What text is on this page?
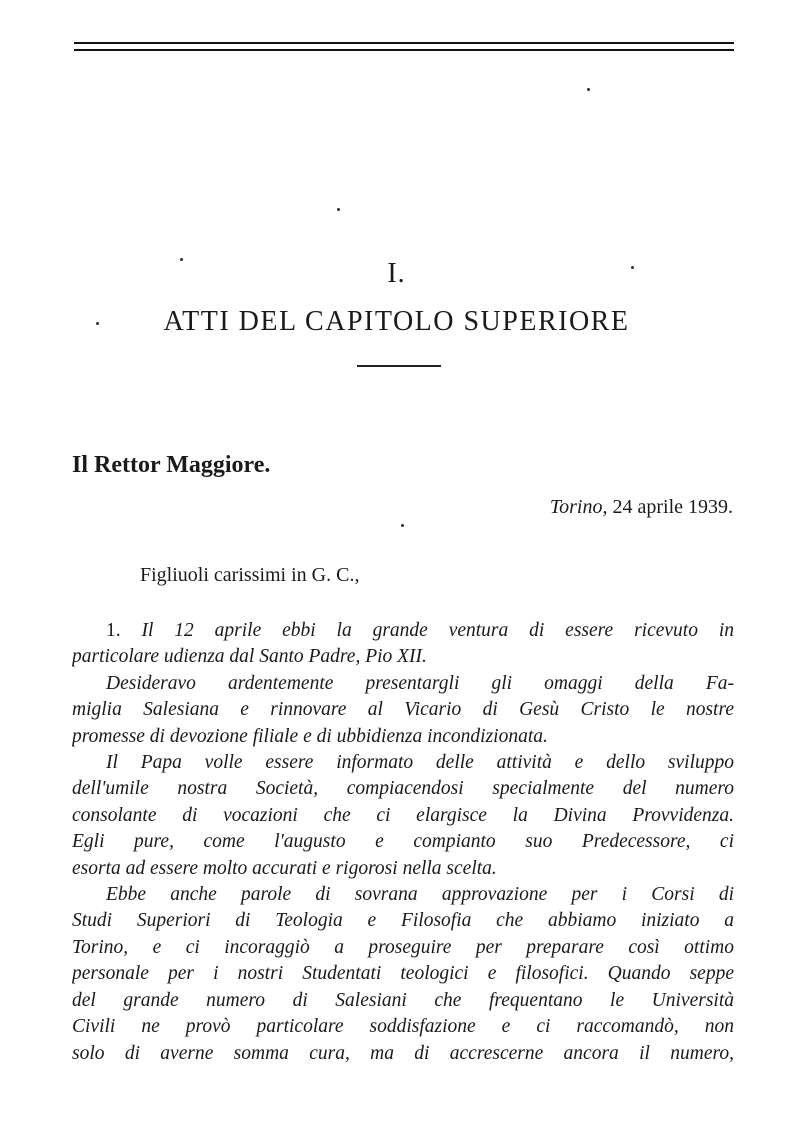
I.
ATTI DEL CAPITOLO SUPERIORE
Il Rettor Maggiore.
Torino, 24 aprile 1939.
Figliuoli carissimi in G. C.,
1. Il 12 aprile ebbi la grande ventura di essere ricevuto in
particolare udienza dal Santo Padre, Pio XII.
Desideravo ardentemente presentargli gli omaggi della Fa-
miglia Salesiana e rinnovare al Vicario di Gesù Cristo le nostre
promesse di devozione filiale e di ubbidienza incondizionata.
Il Papa volle essere informato delle attività e dello sviluppo
dell'umile nostra Società, compiacendosi specialmente del numero
consolante di vocazioni che ci elargisce la Divina Provvidenza.
Egli pure, come l'augusto e compianto suo Predecessore, ci
esorta ad essere molto accurati e rigorosi nella scelta.
Ebbe anche parole di sovrana approvazione per i Corsi di
Studi Superiori di Teologia e Filosofia che abbiamo iniziato a
Torino, e ci incoraggiò a proseguire per preparare così ottimo
personale per i nostri Studentati teologici e filosofici. Quando seppe
del grande numero di Salesiani che frequentano le Università
Civili ne provò particolare soddisfazione e ci raccomandò, non
solo di averne somma cura, ma di accrescerne ancora il numero,
